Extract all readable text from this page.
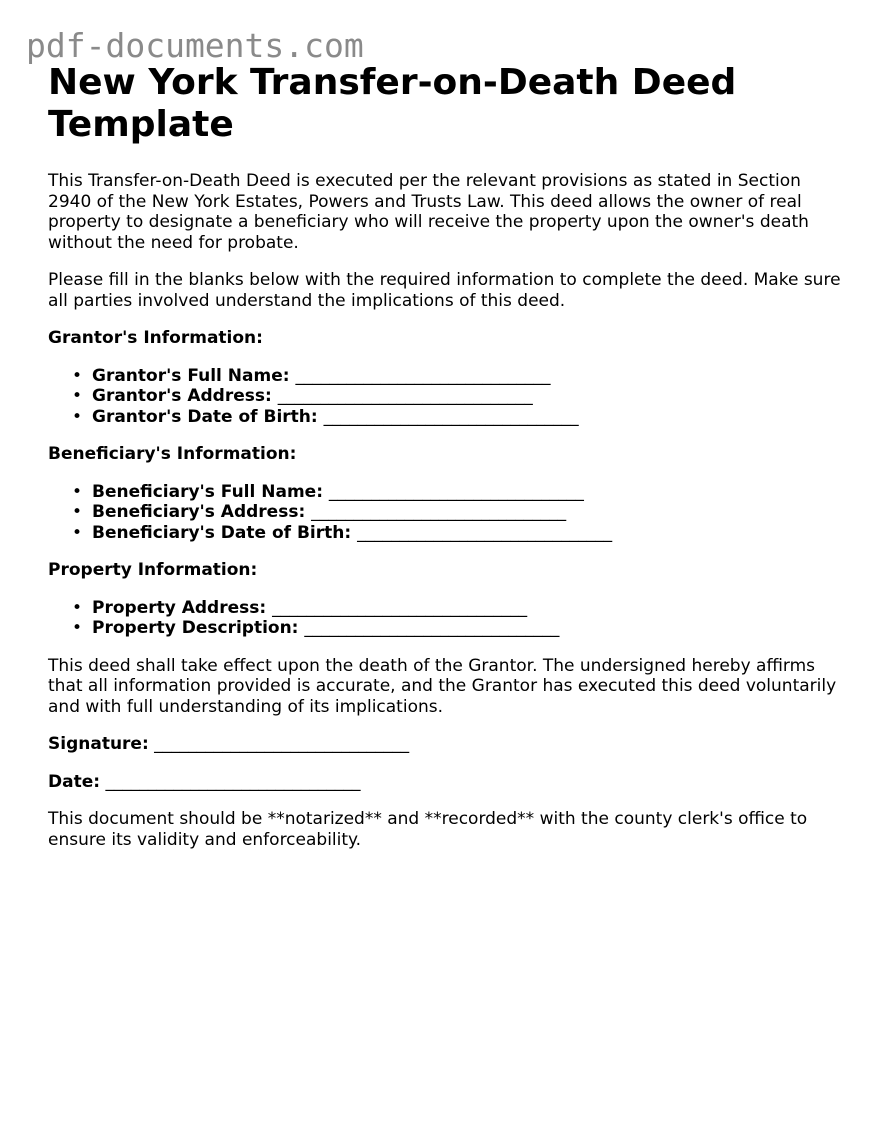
pdf-documents.com
New York Transfer-on-Death Deed Template

This Transfer-on-Death Deed is executed per the relevant provisions as stated in Section 2940 of the New York Estates, Powers and Trusts Law. This deed allows the owner of real property to designate a beneficiary who will receive the property upon the owner's death without the need for probate.

Please fill in the blanks below with the required information to complete the deed. Make sure all parties involved understand the implications of this deed.

Grantor's Information:
• Grantor's Full Name: ______________________________
• Grantor's Address: ______________________________
• Grantor's Date of Birth: ______________________________
Beneficiary's Information:
• Beneficiary's Full Name: ______________________________
• Beneficiary's Address: ______________________________
• Beneficiary's Date of Birth: ______________________________
Property Information:
• Property Address: ______________________________
• Property Description: ______________________________

This deed shall take effect upon the death of the Grantor. The undersigned hereby affirms that all information provided is accurate, and the Grantor has executed this deed voluntarily and with full understanding of its implications.

Signature: ______________________________
Date: ______________________________

This document should be **notarized** and **recorded** with the county clerk's office to ensure its validity and enforceability.
